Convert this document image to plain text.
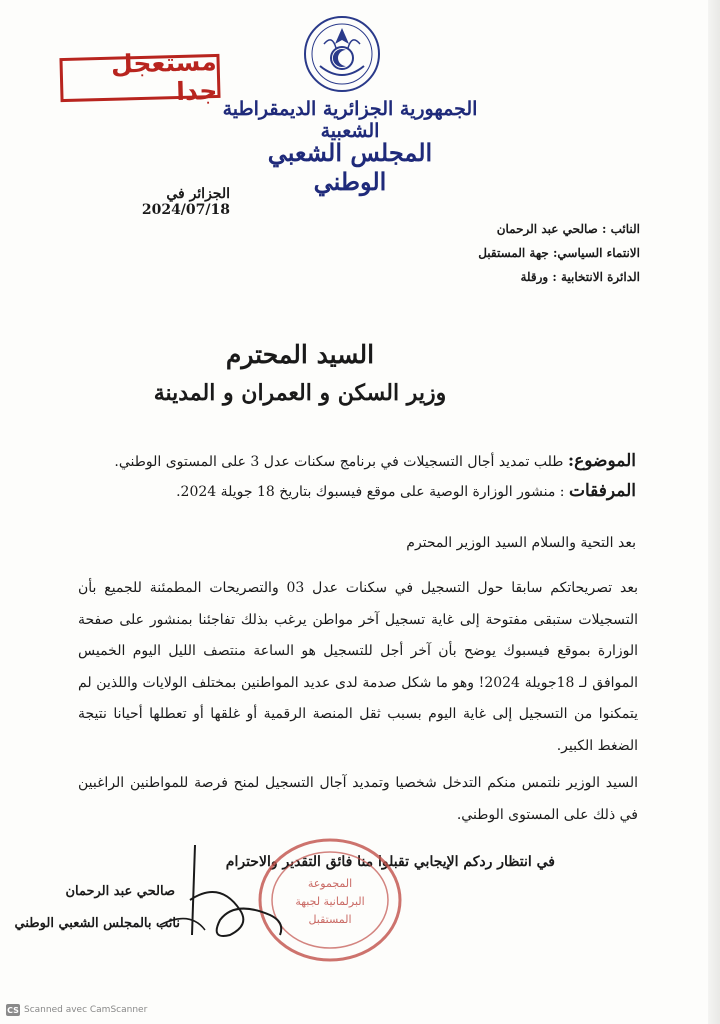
مستعجل جدا
الجمهورية الجزائرية الديمقراطية الشعبية
المجلس الشعبي الوطني
الجزائر في 2024/07/18
النائب : صالحي عبد الرحمان
الانتماء السياسي: جهة المستقبل
الدائرة الانتخابية : ورقلة
السيد المحترم
وزير السكن و العمران و المدينة
الموضوع: طلب تمديد أجال التسجيلات في برنامج سكنات عدل 3 على المستوى الوطني.
المرفقات : منشور الوزارة الوصية على موقع فيسبوك بتاريخ 18 جويلة 2024.
بعد التحية والسلام السيد الوزير المحترم
بعد تصريحاتكم سابقا حول التسجيل في سكنات عدل 03 والتصريحات المطمئنة للجميع بأن التسجيلات ستبقى مفتوحة إلى غاية تسجيل آخر مواطن يرغب بذلك تفاجئنا بمنشور على صفحة الوزارة بموقع فيسبوك يوضح بأن آخر أجل للتسجيل هو الساعة منتصف الليل اليوم الخميس الموافق لـ 18جويلة 2024! وهو ما شكل صدمة لدى عديد المواطنين بمختلف الولايات واللذين لم يتمكنوا من التسجيل إلى غاية اليوم بسبب ثقل المنصة الرقمية أو غلقها أو تعطلها أحيانا نتيجة الضغط الكبير.
السيد الوزير نلتمس منكم التدخل شخصيا وتمديد آجال التسجيل لمنح فرصة للمواطنين الراغبين في ذلك على المستوى الوطني.
في انتظار ردكم الإيجابي تقبلوا منا فائق التقدير والاحترام
المجموعة
البرلمانية لجبهة
المستقبل
صالحي عبد الرحمان
نائب بالمجلس الشعبي الوطني
CS Scanned avec CamScanner
